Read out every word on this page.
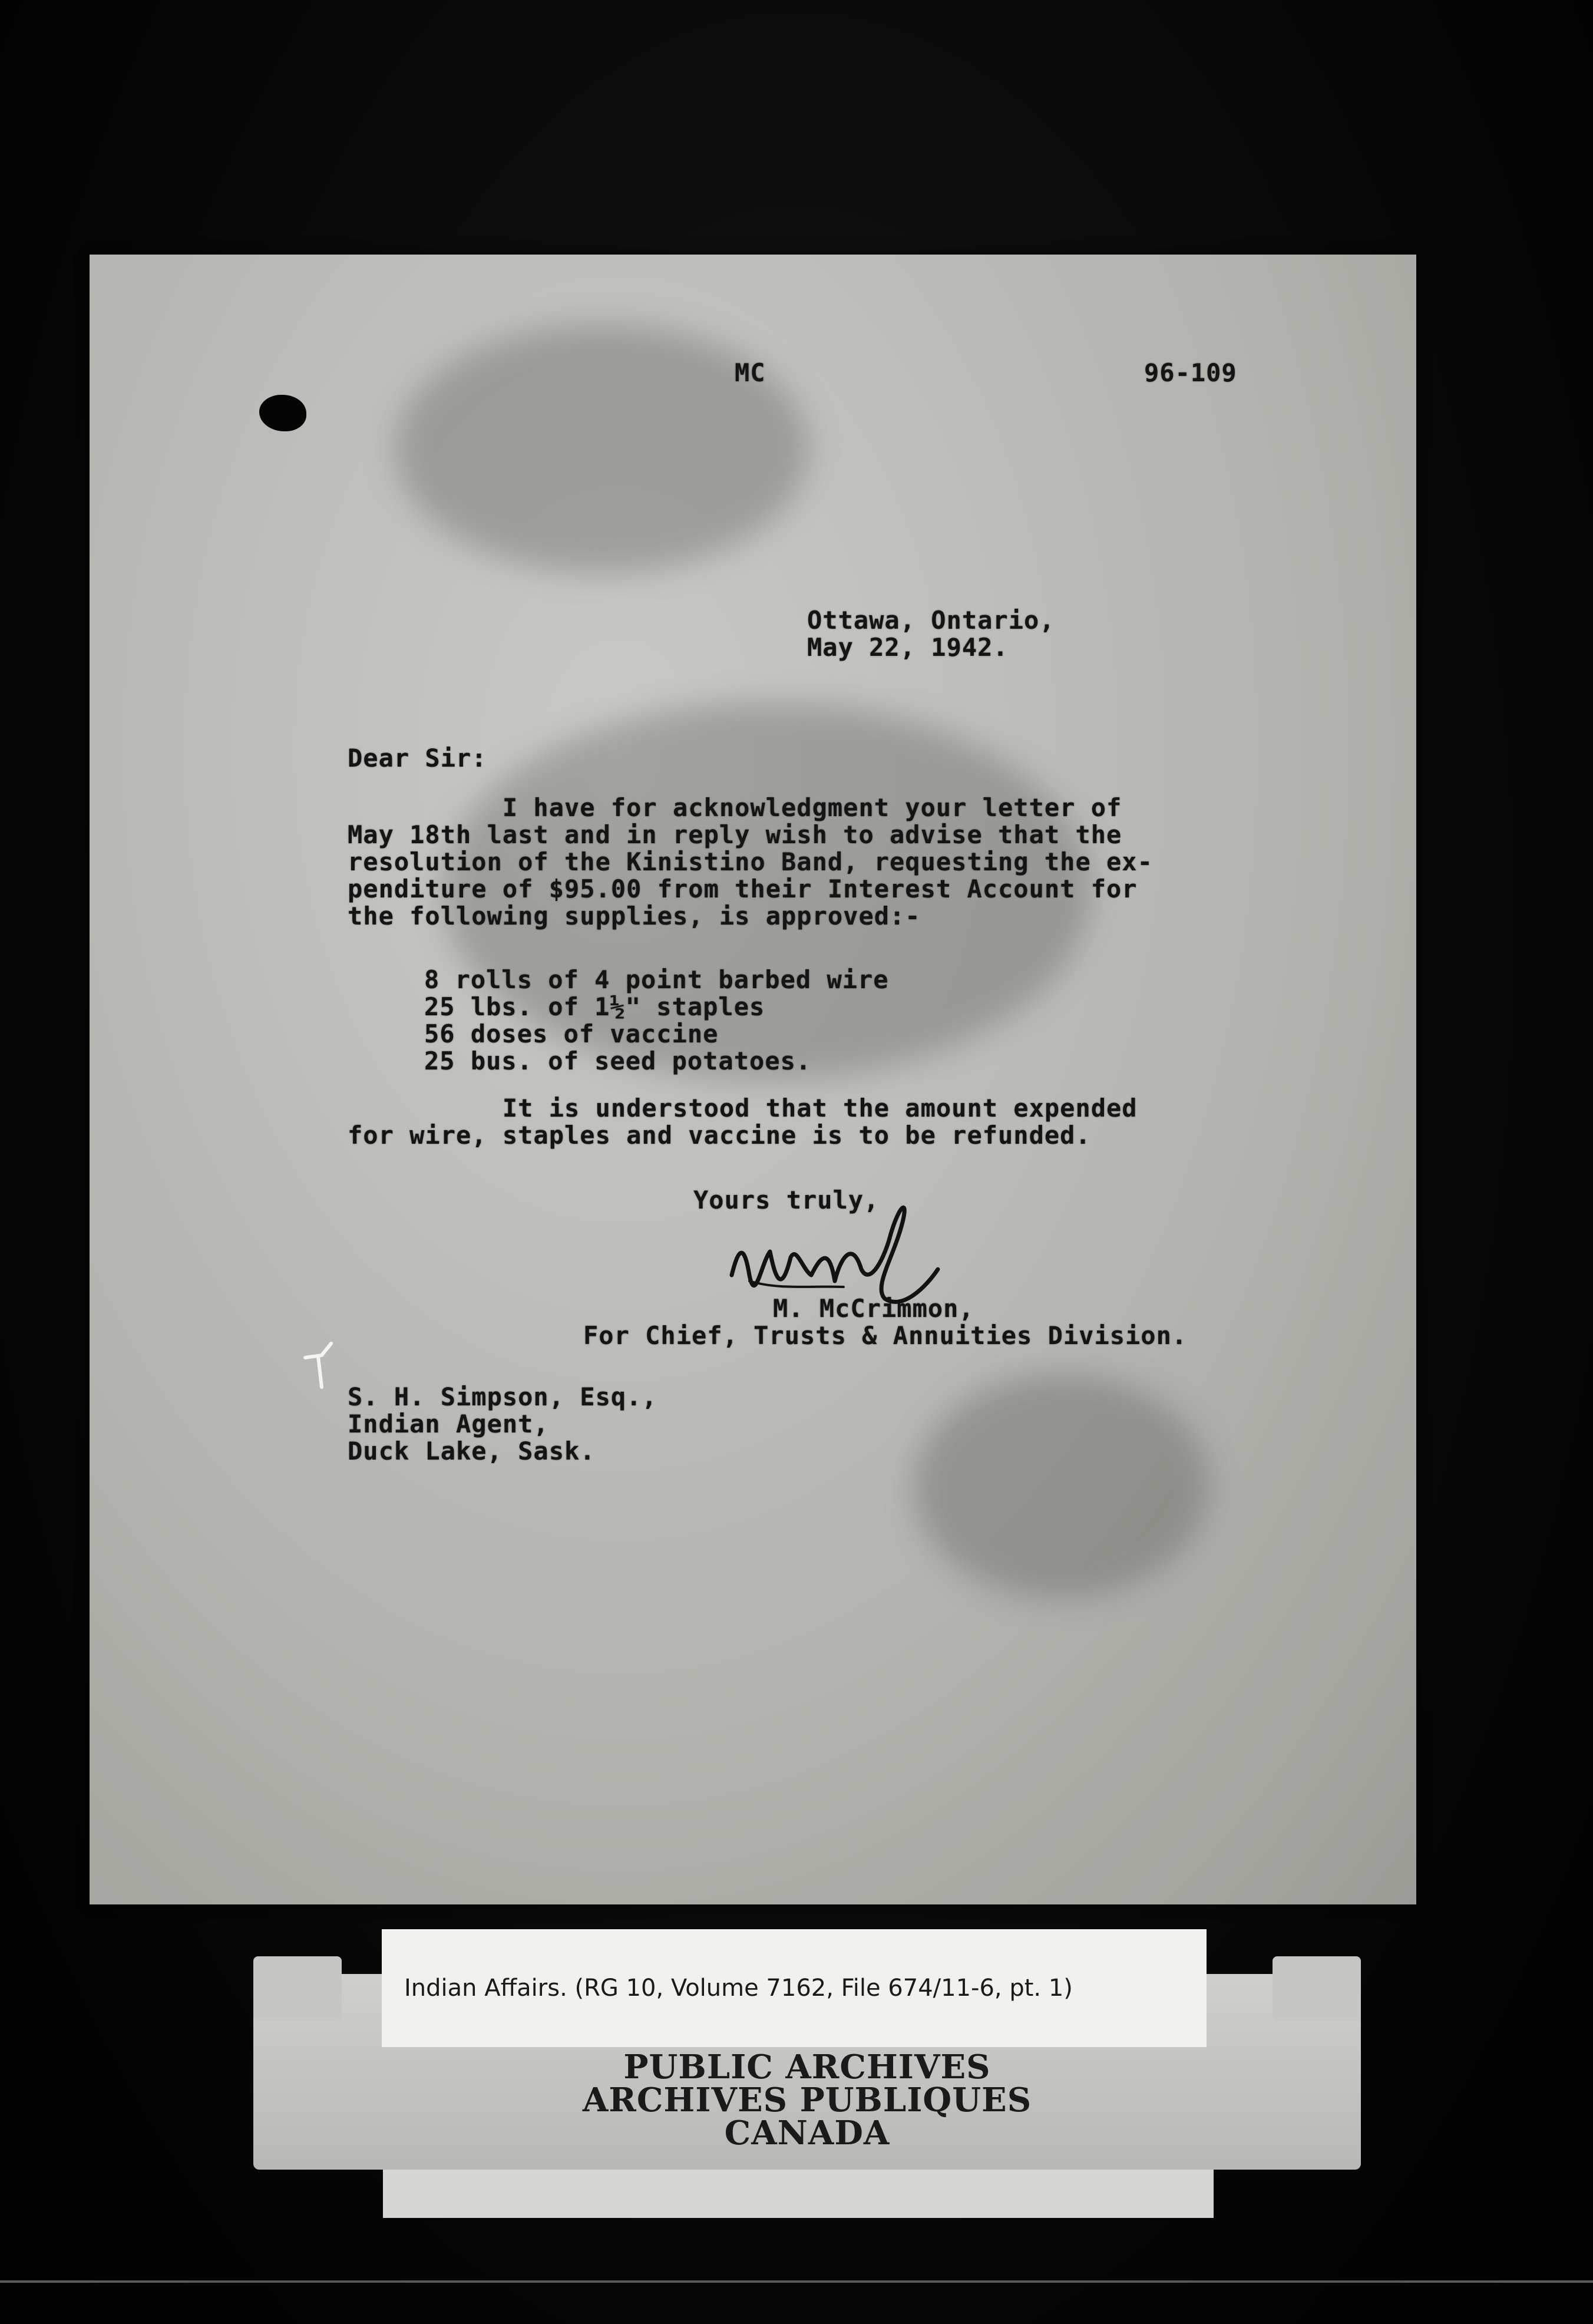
MC	96-109
Ottawa, Ontario,
May 22, 1942.
Dear Sir:
I have for acknowledgment your letter of
May 18th last and in reply wish to advise that the
resolution of the Kinistino Band, requesting the ex-
penditure of $95.00 from their Interest Account for
the following supplies, is approved:-
8 rolls of 4 point barbed wire
25 lbs. of 1½" staples
56 doses of vaccine
25 bus. of seed potatoes.
It is understood that the amount expended
for wire, staples and vaccine is to be refunded.
Yours truly,
M. McCrimmon,
For Chief, Trusts & Annuities Division.
S. H. Simpson, Esq.,
Indian Agent,
Duck Lake, Sask.
Indian Affairs. (RG 10, Volume 7162, File 674/11-6, pt. 1)
PUBLIC ARCHIVES
ARCHIVES PUBLIQUES
CANADA
